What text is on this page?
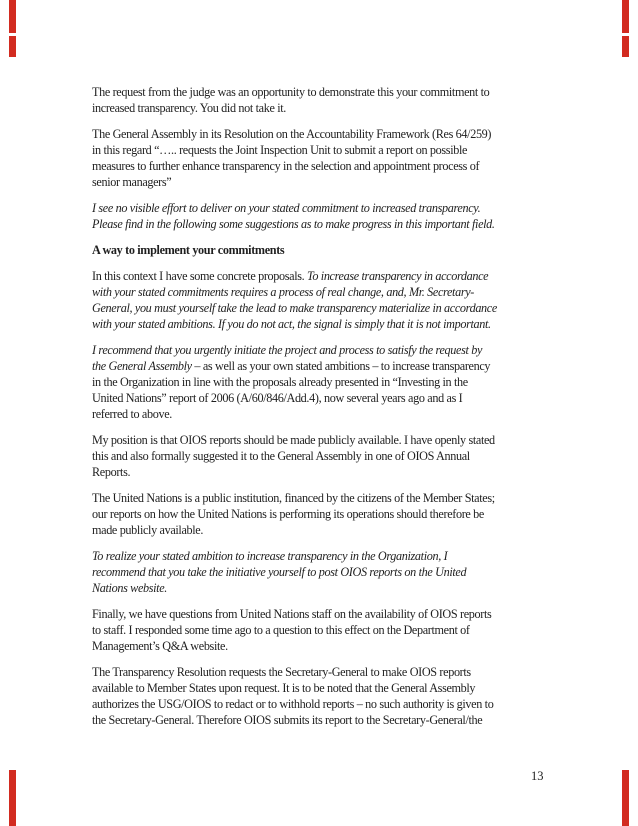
The request from the judge was an opportunity to demonstrate this your commitment to
increased transparency. You did not take it.

The General Assembly in its Resolution on the Accountability Framework (Res 64/259)
in this regard “….. requests the Joint Inspection Unit to submit a report on possible
measures to further enhance transparency in the selection and appointment process of
senior managers”

I see no visible effort to deliver on your stated commitment to increased transparency.
Please find in the following some suggestions as to make progress in this important field.

A way to implement your commitments

In this context I have some concrete proposals. To increase transparency in accordance
with your stated commitments requires a process of real change, and, Mr. Secretary-
General, you must yourself take the lead to make transparency materialize in accordance
with your stated ambitions. If you do not act, the signal is simply that it is not important.

I recommend that you urgently initiate the project and process to satisfy the request by
the General Assembly – as well as your own stated ambitions – to increase transparency
in the Organization in line with the proposals already presented in “Investing in the
United Nations” report of 2006 (A/60/846/Add.4), now several years ago and as I
referred to above.

My position is that OIOS reports should be made publicly available. I have openly stated
this and also formally suggested it to the General Assembly in one of OIOS Annual
Reports.

The United Nations is a public institution, financed by the citizens of the Member States;
our reports on how the United Nations is performing its operations should therefore be
made publicly available.

To realize your stated ambition to increase transparency in the Organization, I
recommend that you take the initiative yourself to post OIOS reports on the United
Nations website.

Finally, we have questions from United Nations staff on the availability of OIOS reports
to staff. I responded some time ago to a question to this effect on the Department of
Management’s Q&A website.

The Transparency Resolution requests the Secretary-General to make OIOS reports
available to Member States upon request. It is to be noted that the General Assembly
authorizes the USG/OIOS to redact or to withhold reports – no such authority is given to
the Secretary-General. Therefore OIOS submits its report to the Secretary-General/the

13
